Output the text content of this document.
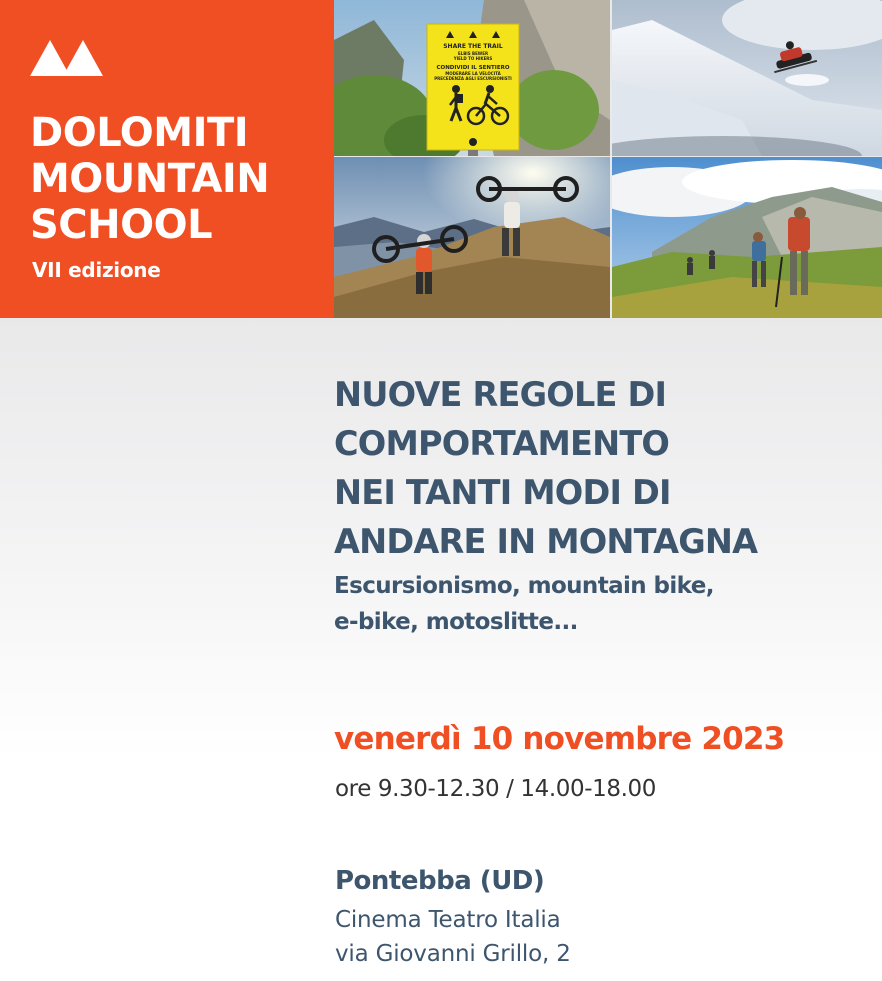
DOLOMITI
MOUNTAIN
SCHOOL
VII edizione
SHARE THE TRAIL
ELBIS BEWER
YIELD TO HIKERS
CONDIVIDI IL SENTIERO
MODERARE LA VELOCITÀ
PRECEDENZA AGLI ESCURSIONISTI
NUOVE REGOLE DI
COMPORTAMENTO
NEI TANTI MODI DI
ANDARE IN MONTAGNA

Escursionismo, mountain bike,
e-bike, motoslitte...

venerdì 10 novembre 2023
ore 9.30-12.30 / 14.00-18.00
Pontebba (UD)
Cinema Teatro Italia
via Giovanni Grillo, 2
